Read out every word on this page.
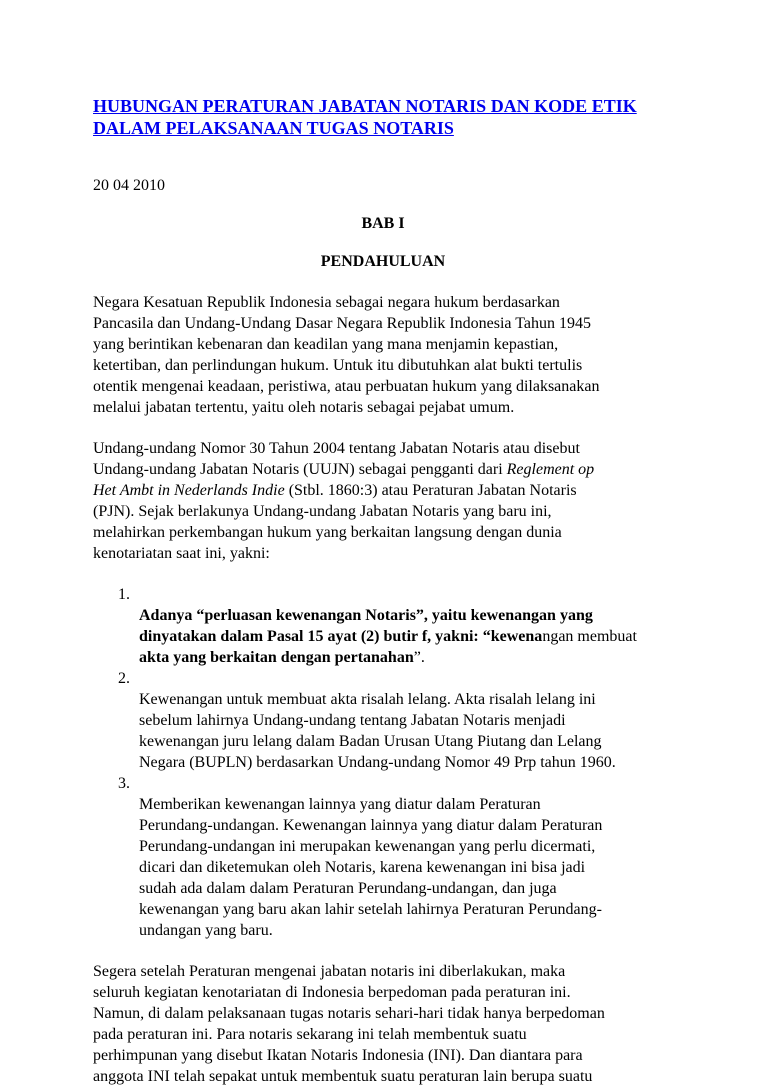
HUBUNGAN PERATURAN JABATAN NOTARIS DAN KODE ETIK
DALAM PELAKSANAAN TUGAS NOTARIS

20 04 2010

BAB I

PENDAHULUAN

Negara Kesatuan Republik Indonesia sebagai negara hukum berdasarkan
Pancasila dan Undang-Undang Dasar Negara Republik Indonesia Tahun 1945
yang berintikan kebenaran dan keadilan yang mana menjamin kepastian,
ketertiban, dan perlindungan hukum. Untuk itu dibutuhkan alat bukti tertulis
otentik mengenai keadaan, peristiwa, atau perbuatan hukum yang dilaksanakan
melalui jabatan tertentu, yaitu oleh notaris sebagai pejabat umum.

Undang-undang Nomor 30 Tahun 2004 tentang Jabatan Notaris atau disebut
Undang-undang Jabatan Notaris (UUJN) sebagai pengganti dari Reglement op
Het Ambt in Nederlands Indie (Stbl. 1860:3) atau Peraturan Jabatan Notaris
(PJN). Sejak berlakunya Undang-undang Jabatan Notaris yang baru ini,
melahirkan perkembangan hukum yang berkaitan langsung dengan dunia
kenotariatan saat ini, yakni:

1.
Adanya “perluasan kewenangan Notaris”, yaitu kewenangan yang
dinyatakan dalam Pasal 15 ayat (2) butir f, yakni: “kewenangan membuat
akta yang berkaitan dengan pertanahan”.

2.
Kewenangan untuk membuat akta risalah lelang. Akta risalah lelang ini
sebelum lahirnya Undang-undang tentang Jabatan Notaris menjadi
kewenangan juru lelang dalam Badan Urusan Utang Piutang dan Lelang
Negara (BUPLN) berdasarkan Undang-undang Nomor 49 Prp tahun 1960.

3.
Memberikan kewenangan lainnya yang diatur dalam Peraturan
Perundang-undangan. Kewenangan lainnya yang diatur dalam Peraturan
Perundang-undangan ini merupakan kewenangan yang perlu dicermati,
dicari dan diketemukan oleh Notaris, karena kewenangan ini bisa jadi
sudah ada dalam dalam Peraturan Perundang-undangan, dan juga
kewenangan yang baru akan lahir setelah lahirnya Peraturan Perundang-
undangan yang baru.

Segera setelah Peraturan mengenai jabatan notaris ini diberlakukan, maka
seluruh kegiatan kenotariatan di Indonesia berpedoman pada peraturan ini.
Namun, di dalam pelaksanaan tugas notaris sehari-hari tidak hanya berpedoman
pada peraturan ini. Para notaris sekarang ini telah membentuk suatu
perhimpunan yang disebut Ikatan Notaris Indonesia (INI). Dan diantara para
anggota INI telah sepakat untuk membentuk suatu peraturan lain berupa suatu
